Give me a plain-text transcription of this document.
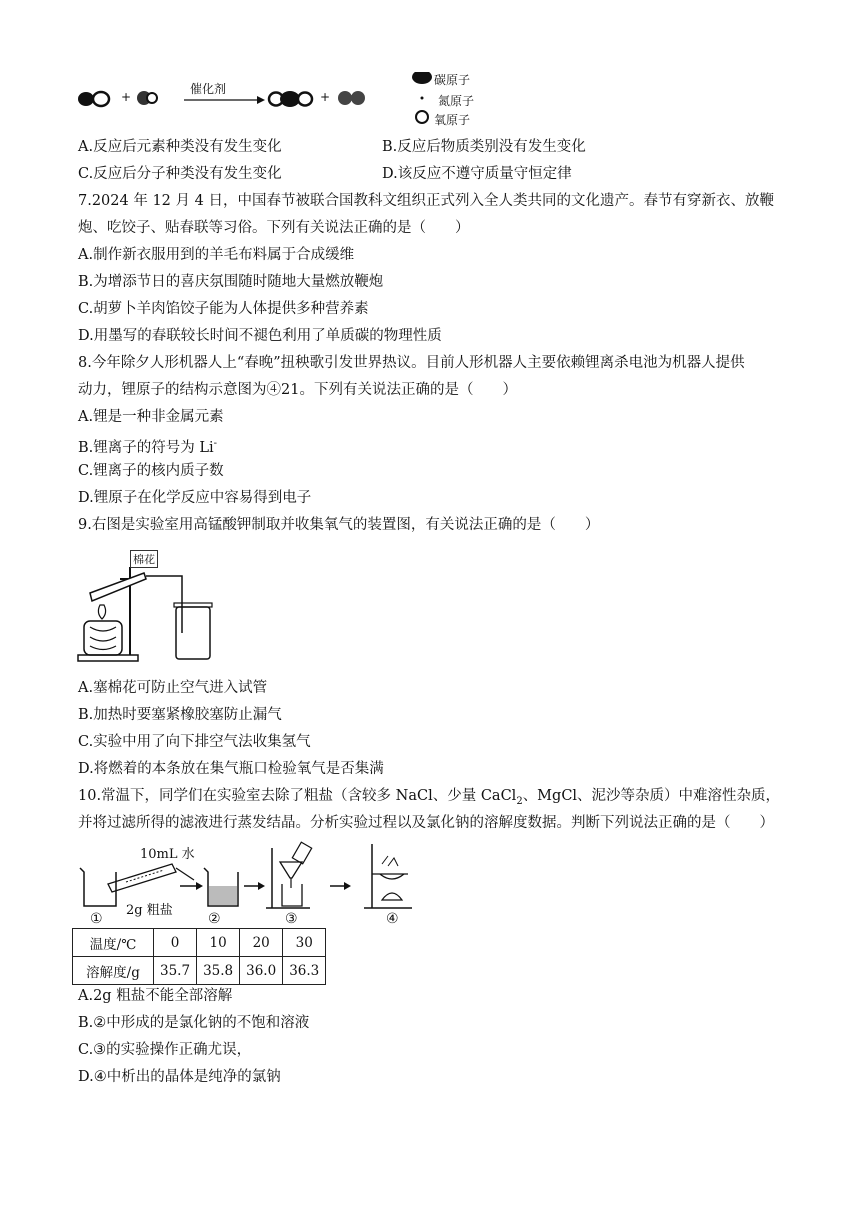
+	+
催化剂
碳原子
氮原子
氧原子
A.反应后元素种类没有发生变化	B.反应后物质类别没有发生变化
C.反应后分子种类没有发生变化	D.该反应不遵守质量守恒定律
7.2024 年 12 月 4 日，中国春节被联合国教科文组织正式列入全人类共同的文化遗产。春节有穿新衣、放鞭
炮、吃饺子、贴春联等习俗。下列有关说法正确的是（　　）
A.制作新衣服用到的羊毛布料属于合成缓维
B.为增添节日的喜庆氛围随时随地大量燃放鞭炮
C.胡萝卜羊肉馅饺子能为人体提供多种营养素
D.用墨写的春联较长时间不褪色利用了单质碳的物理性质
8.今年除夕人形机器人上“春晚”扭秧歌引发世界热议。目前人形机器人主要依赖锂离杀电池为机器人提供
动力，锂原子的结构示意图为④21。下列有关说法正确的是（　　）
A.锂是一种非金属元素
B.锂离子的符号为 Li-
C.锂离子的核内质子数
D.锂原子在化学反应中容易得到电子
9.右图是实验室用高锰酸钾制取并收集氧气的装置图，有关说法正确的是（　　）
棉花
A.塞棉花可防止空气进入试管
B.加热时要塞紧橡胶塞防止漏气
C.实验中用了向下排空气法收集氢气
D.将燃着的本条放在集气瓶口检验氧气是否集满
10.常温下，同学们在实验室去除了粗盐（含较多 NaCl、少量 CaCl$_2$、MgCl、泥沙等杂质）中难溶性杂质，
并将过滤所得的滤液进行蒸发结晶。分析实验过程以及氯化钠的溶解度数据。判断下列说法正确的是（　　）
10mL 水
2g 粗盐
①	②	③	④
温度/℃	0	10	20	30
溶解度/g	35.7	35.8	36.0	36.3
A.2g 粗盐不能全部溶解
B.②中形成的是氯化钠的不饱和溶液
C.③的实验操作正确尤误，
D.④中析出的晶体是纯净的氯钠
